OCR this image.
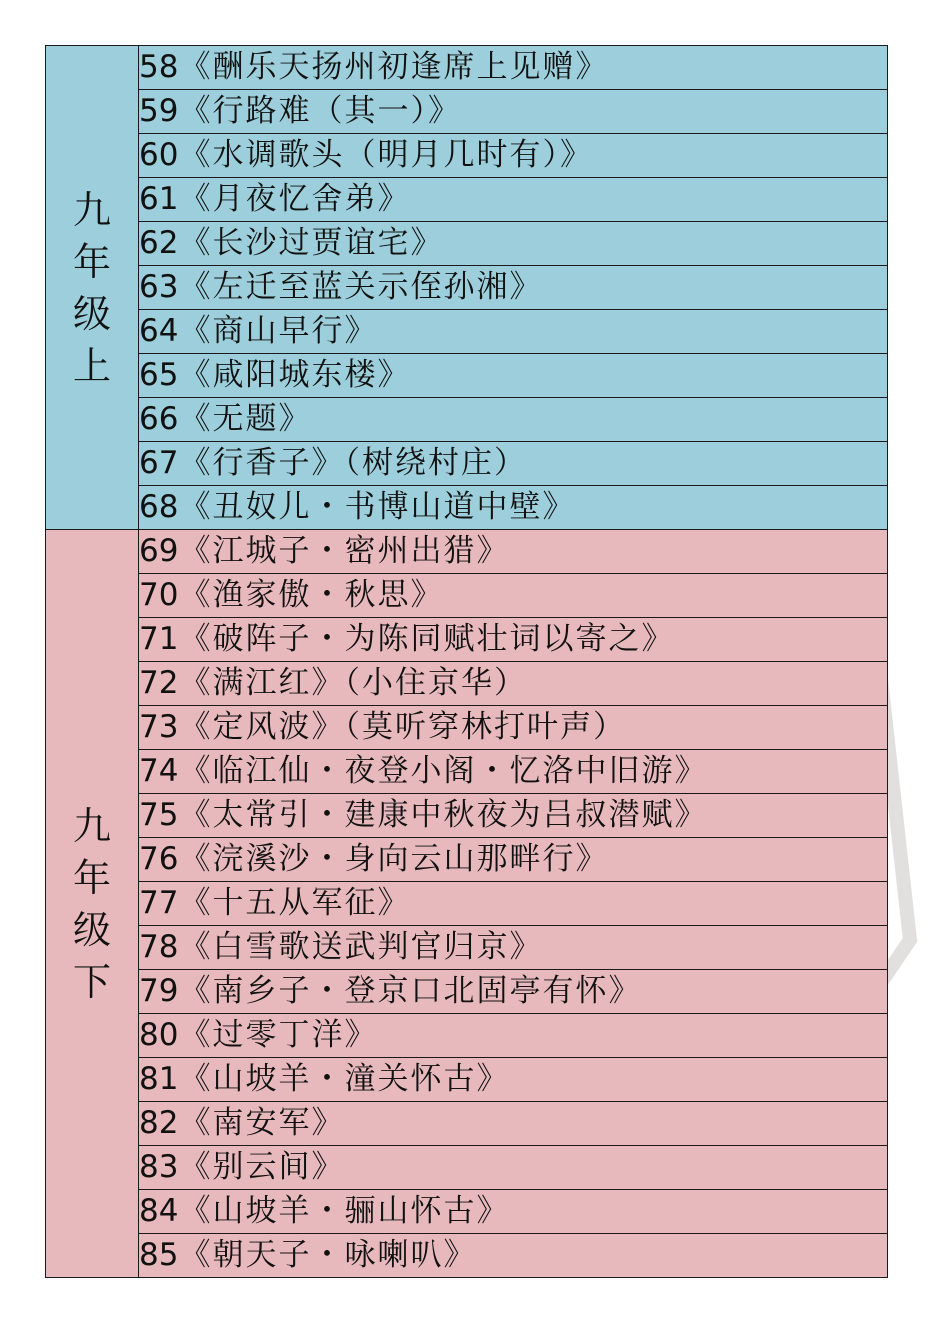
九年级上	58《酬乐天扬州初逢席上见赠》
	59《行路难（其一）》
	60《水调歌头（明月几时有）》
	61《月夜忆舍弟》
	62《长沙过贾谊宅》
	63《左迁至蓝关示侄孙湘》
	64《商山早行》
	65《咸阳城东楼》
	66《无题》
	67《行香子》（树绕村庄）
	68《丑奴儿・书博山道中壁》
九年级下	69《江城子・密州出猎》
	70《渔家傲・秋思》
	71《破阵子・为陈同赋壮词以寄之》
	72《满江红》（小住京华）
	73《定风波》（莫听穿林打叶声）
	74《临江仙・夜登小阁・忆洛中旧游》
	75《太常引・建康中秋夜为吕叔潜赋》
	76《浣溪沙・身向云山那畔行》
	77《十五从军征》
	78《白雪歌送武判官归京》
	79《南乡子・登京口北固亭有怀》
	80《过零丁洋》
	81《山坡羊・潼关怀古》
	82《南安军》
	83《别云间》
	84《山坡羊・骊山怀古》
	85《朝天子・咏喇叭》
